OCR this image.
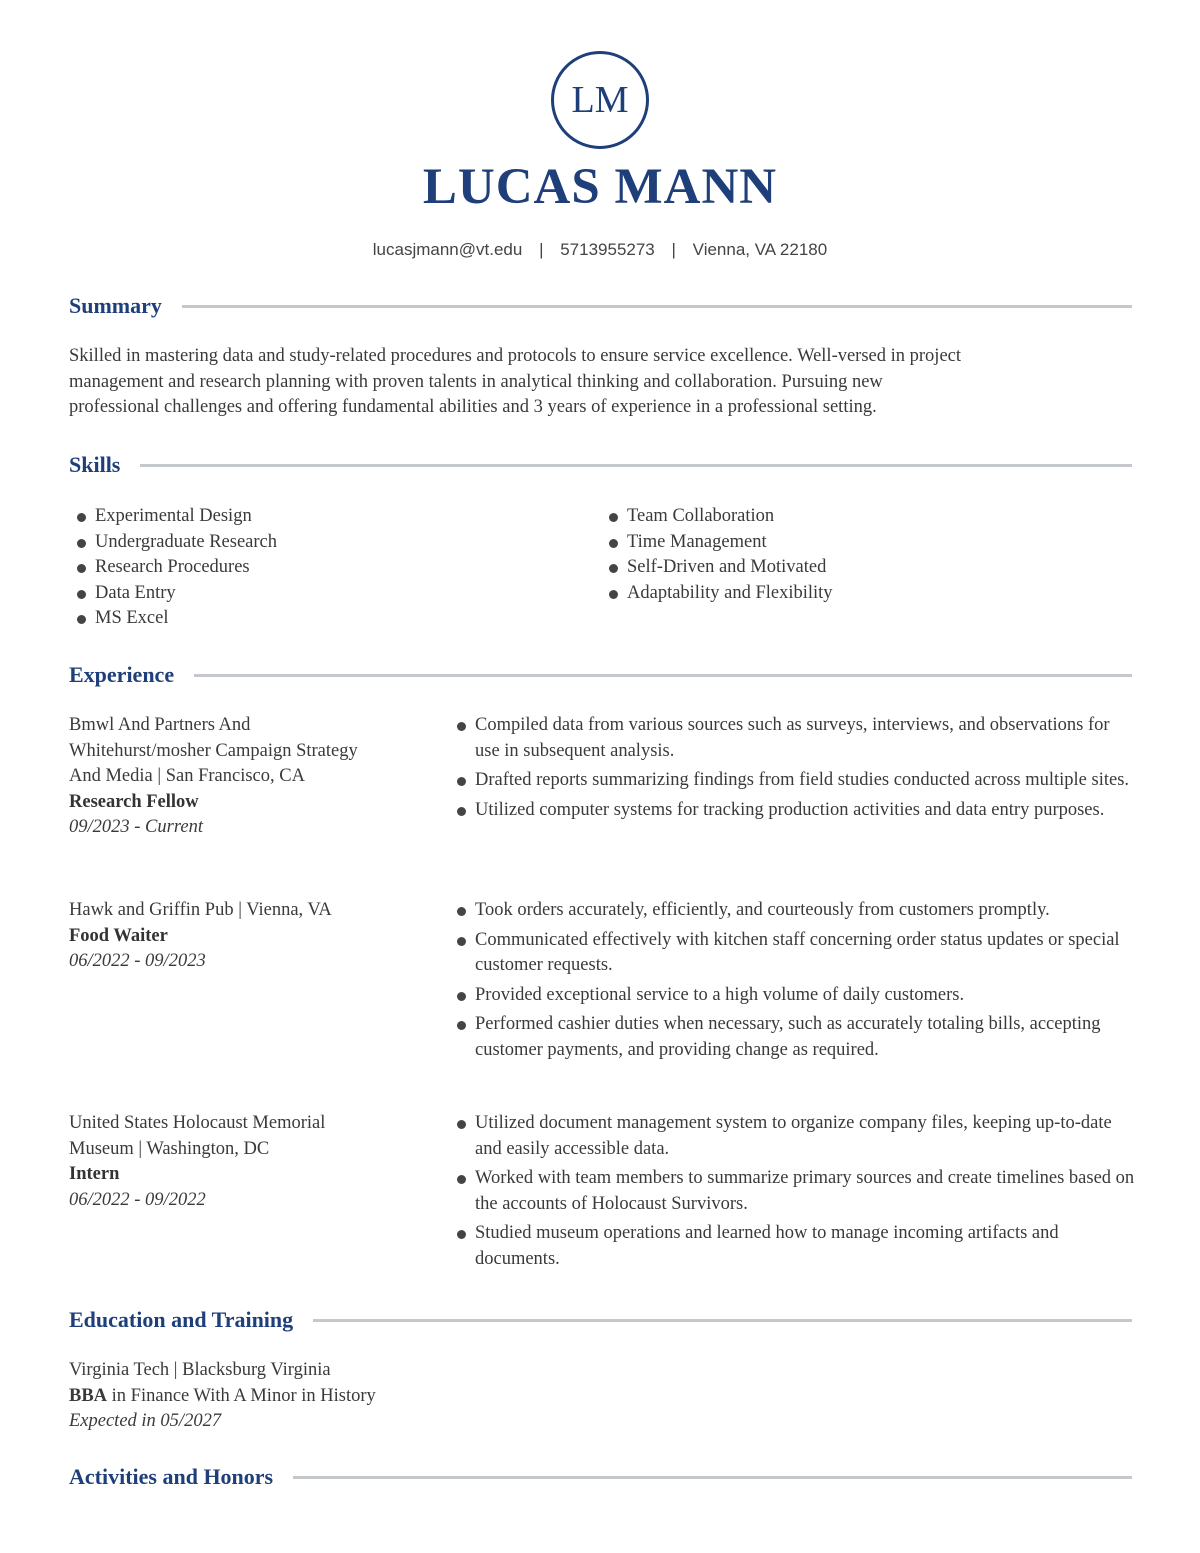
LM
LUCAS MANN
lucasjmann@vt.edu | 5713955273 | Vienna, VA 22180
Summary
Skilled in mastering data and study-related procedures and protocols to ensure service excellence. Well-versed in project
management and research planning with proven talents in analytical thinking and collaboration. Pursuing new
professional challenges and offering fundamental abilities and 3 years of experience in a professional setting.
Skills
Experimental Design
Undergraduate Research
Research Procedures
Data Entry
MS Excel
Team Collaboration
Time Management
Self-Driven and Motivated
Adaptability and Flexibility
Experience
Bmwl And Partners And
Whitehurst/mosher Campaign Strategy
And Media | San Francisco, CA
Research Fellow
09/2023 - Current
Compiled data from various sources such as surveys, interviews, and observations for use in subsequent analysis.
Drafted reports summarizing findings from field studies conducted across multiple sites.
Utilized computer systems for tracking production activities and data entry purposes.
Hawk and Griffin Pub | Vienna, VA
Food Waiter
06/2022 - 09/2023
Took orders accurately, efficiently, and courteously from customers promptly.
Communicated effectively with kitchen staff concerning order status updates or special customer requests.
Provided exceptional service to a high volume of daily customers.
Performed cashier duties when necessary, such as accurately totaling bills, accepting customer payments, and providing change as required.
United States Holocaust Memorial
Museum | Washington, DC
Intern
06/2022 - 09/2022
Utilized document management system to organize company files, keeping up-to-date and easily accessible data.
Worked with team members to summarize primary sources and create timelines based on the accounts of Holocaust Survivors.
Studied museum operations and learned how to manage incoming artifacts and documents.
Education and Training
Virginia Tech | Blacksburg Virginia
BBA in Finance With A Minor in History
Expected in 05/2027
Activities and Honors
